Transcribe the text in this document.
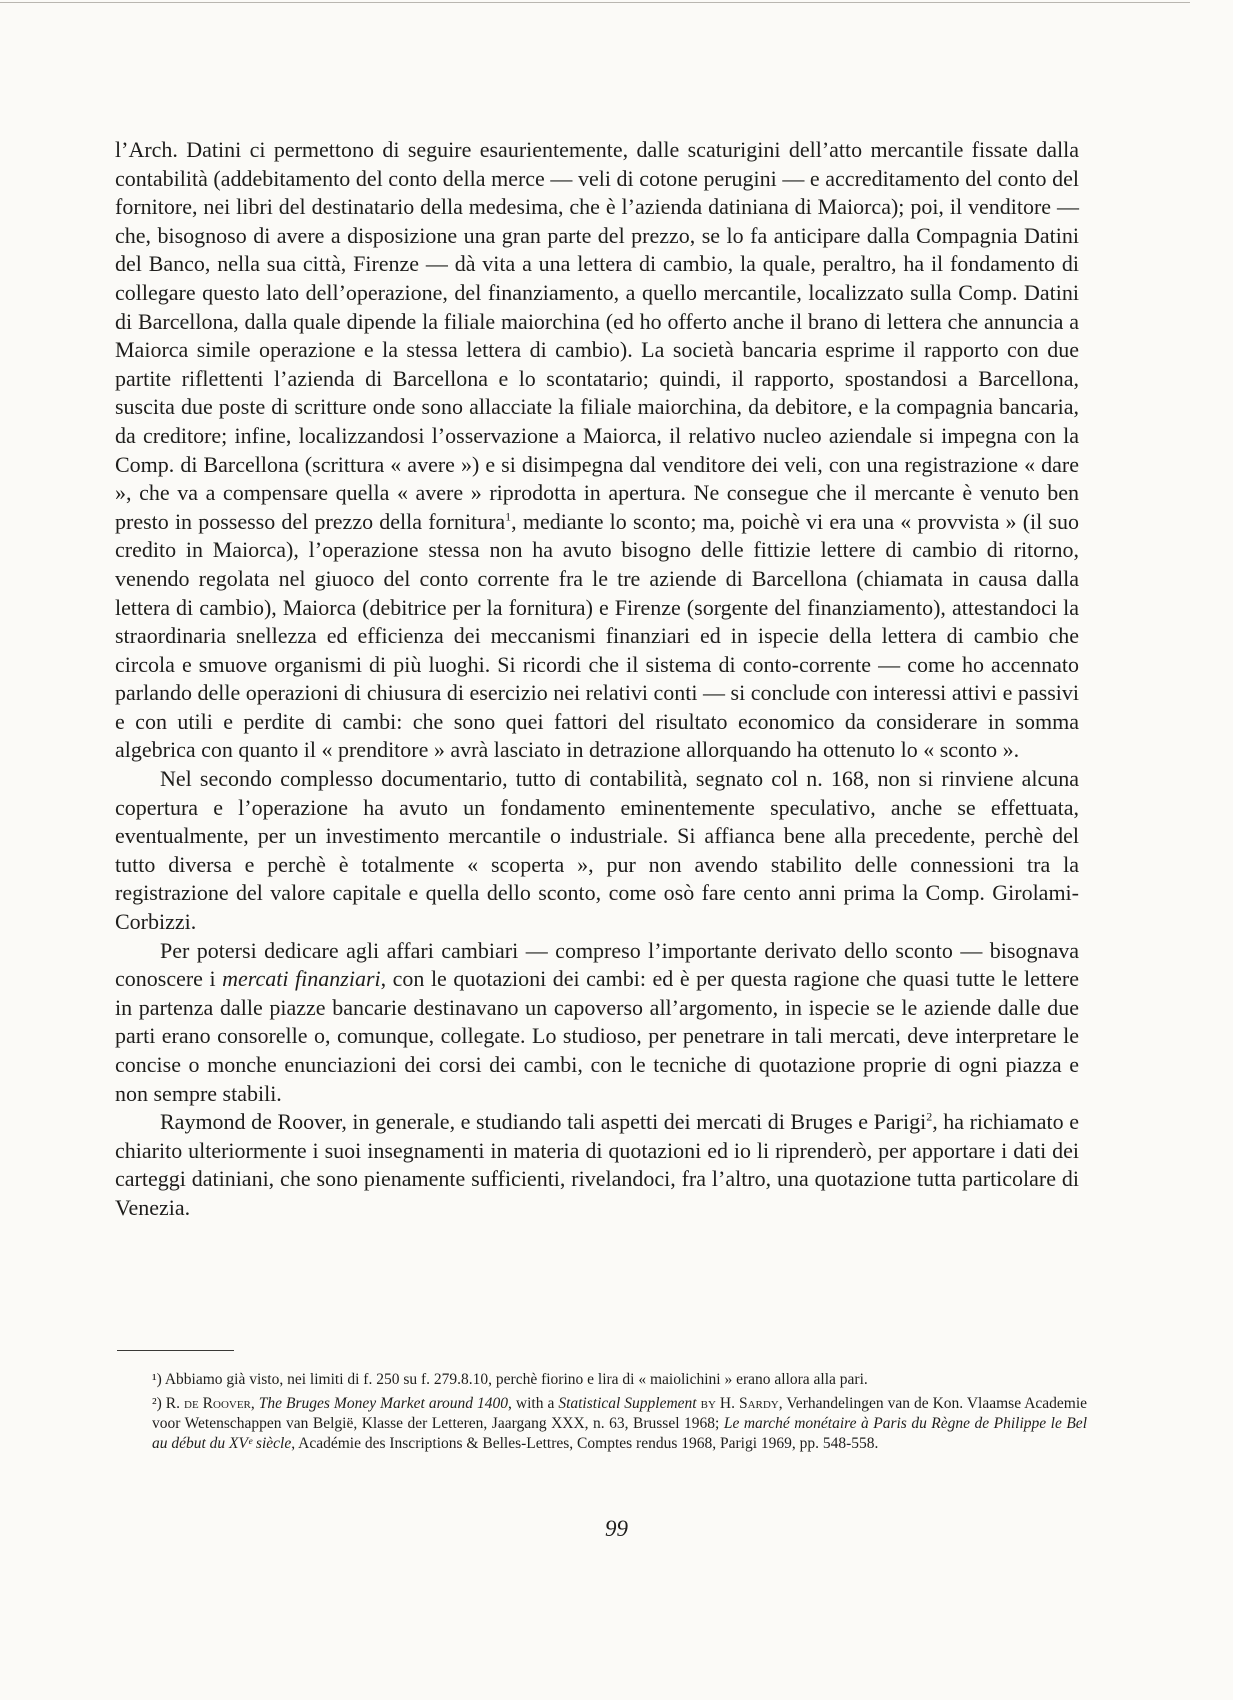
l’Arch. Datini ci permettono di seguire esaurientemente, dalle scaturigini dell’atto mercantile fissate dalla contabilità (addebitamento del conto della merce — veli di cotone perugini — e accreditamento del conto del fornitore, nei libri del destinatario della medesima, che è l’azienda datiniana di Maiorca); poi, il venditore — che, bisognoso di avere a disposizione una gran parte del prezzo, se lo fa anticipare dalla Compagnia Datini del Banco, nella sua città, Firenze — dà vita a una lettera di cambio, la quale, peraltro, ha il fondamento di collegare questo lato dell’operazione, del finanziamento, a quello mercantile, localizzato sulla Comp. Datini di Barcellona, dalla quale dipende la filiale maiorchina (ed ho offerto anche il brano di lettera che annuncia a Maiorca simile operazione e la stessa lettera di cambio). La società bancaria esprime il rapporto con due partite riflettenti l’azienda di Barcellona e lo scontatario; quindi, il rapporto, spostandosi a Barcellona, suscita due poste di scritture onde sono allacciate la filiale maiorchina, da debitore, e la compagnia bancaria, da creditore; infine, localizzandosi l’osservazione a Maiorca, il relativo nucleo aziendale si impegna con la Comp. di Barcellona (scrittura « avere ») e si disimpegna dal venditore dei veli, con una registrazione « dare », che va a compensare quella « avere » riprodotta in apertura. Ne consegue che il mercante è venuto ben presto in possesso del prezzo della fornitura$^1$, mediante lo sconto; ma, poichè vi era una « provvista » (il suo credito in Maiorca), l’operazione stessa non ha avuto bisogno delle fittizie lettere di cambio di ritorno, venendo regolata nel giuoco del conto corrente fra le tre aziende di Barcellona (chiamata in causa dalla lettera di cambio), Maiorca (debitrice per la fornitura) e Firenze (sorgente del finanziamento), attestandoci la straordinaria snellezza ed efficienza dei meccanismi finanziari ed in ispecie della lettera di cambio che circola e smuove organismi di più luoghi. Si ricordi che il sistema di conto-corrente — come ho accennato parlando delle operazioni di chiusura di esercizio nei relativi conti — si conclude con interessi attivi e passivi e con utili e perdite di cambi: che sono quei fattori del risultato economico da considerare in somma algebrica con quanto il « prenditore » avrà lasciato in detrazione allorquando ha ottenuto lo « sconto ».

Nel secondo complesso documentario, tutto di contabilità, segnato col n. 168, non si rinviene alcuna copertura e l’operazione ha avuto un fondamento eminentemente speculativo, anche se effettuata, eventualmente, per un investimento mercantile o industriale. Si affianca bene alla precedente, perchè del tutto diversa e perchè è totalmente « scoperta », pur non avendo stabilito delle connessioni tra la registrazione del valore capitale e quella dello sconto, come osò fare cento anni prima la Comp. Girolami-Corbizzi.

Per potersi dedicare agli affari cambiari — compreso l’importante derivato dello sconto — bisognava conoscere i mercati finanziari, con le quotazioni dei cambi: ed è per questa ragione che quasi tutte le lettere in partenza dalle piazze bancarie destinavano un capoverso all’argomento, in ispecie se le aziende dalle due parti erano consorelle o, comunque, collegate. Lo studioso, per penetrare in tali mercati, deve interpretare le concise o monche enunciazioni dei corsi dei cambi, con le tecniche di quotazione proprie di ogni piazza e non sempre stabili.

Raymond de Roover, in generale, e studiando tali aspetti dei mercati di Bruges e Parigi$^2$, ha richiamato e chiarito ulteriormente i suoi insegnamenti in materia di quotazioni ed io li riprenderò, per apportare i dati dei carteggi datiniani, che sono pienamente sufficienti, rivelandoci, fra l’altro, una quotazione tutta particolare di Venezia.

¹) Abbiamo già visto, nei limiti di f. 250 su f. 279.8.10, perchè fiorino e lira di « maiolichini » erano allora alla pari.

²) R. de Roover, The Bruges Money Market around 1400, with a Statistical Supplement by H. Sardy, Verhandelingen van de Kon. Vlaamse Academie voor Wetenschappen van België, Klasse der Letteren, Jaargang XXX, n. 63, Brussel 1968; Le marché monétaire à Paris du Règne de Philippe le Bel au début du XVᵉ siècle, Académie des Inscriptions & Belles-Lettres, Comptes rendus 1968, Parigi 1969, pp. 548-558.

99
